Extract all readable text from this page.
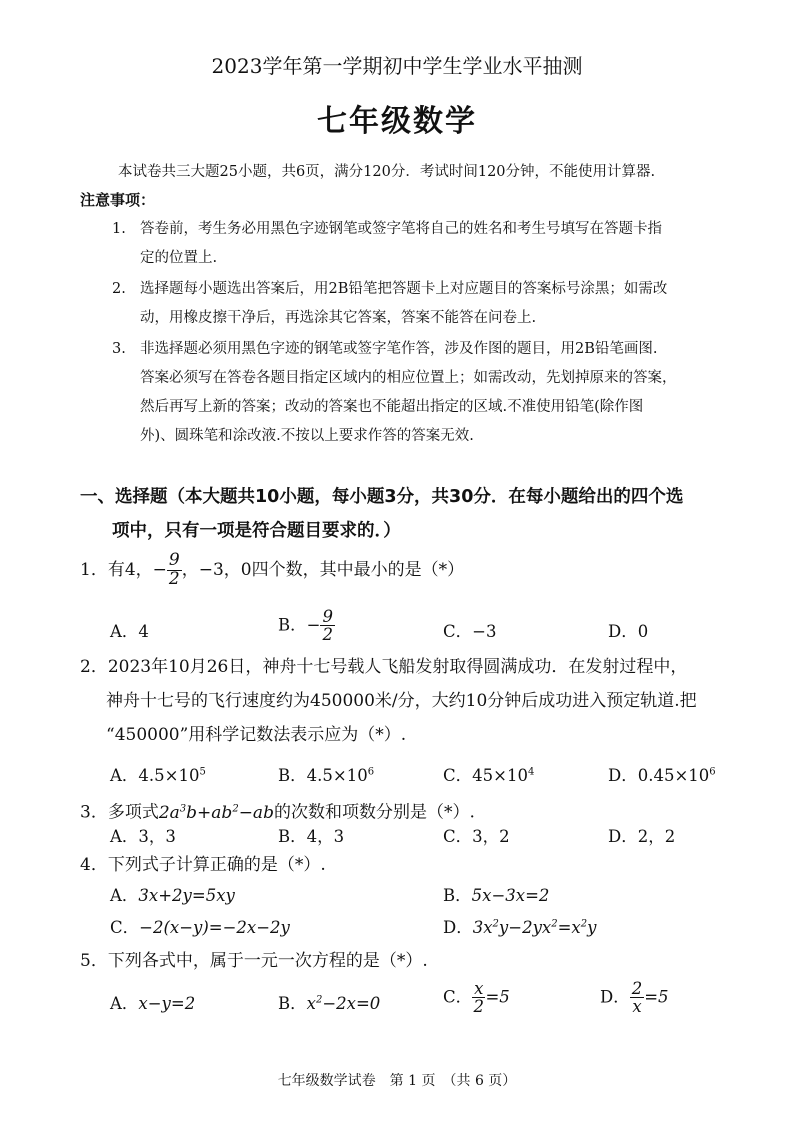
2023学年第一学期初中学生学业水平抽测
七年级数学
本试卷共三大题25小题，共6页，满分120分．考试时间120分钟，不能使用计算器.
注意事项：
1. 答卷前，考生务必用黑色字迹钢笔或签字笔将自己的姓名和考生号填写在答题卡指
定的位置上.
2. 选择题每小题选出答案后，用2B铅笔把答题卡上对应题目的答案标号涂黑；如需改
动，用橡皮擦干净后，再选涂其它答案，答案不能答在问卷上.
3. 非选择题必须用黑色字迹的钢笔或签字笔作答，涉及作图的题目，用2B铅笔画图.
答案必须写在答卷各题目指定区域内的相应位置上；如需改动，先划掉原来的答案，
然后再写上新的答案；改动的答案也不能超出指定的区域.不准使用铅笔(除作图
外)、圆珠笔和涂改液.不按以上要求作答的答案无效.
一、选择题（本大题共10小题，每小题3分，共30分．在每小题给出的四个选
项中，只有一项是符合题目要求的．）
1．有4，− $\frac{9}{2}$ ，−3，0四个数，其中最小的是（*）
A．4	B．− $\frac{9}{2}$	C．−3	D．0
2．2023年10月26日，神舟十七号载人飞船发射取得圆满成功．在发射过程中，
神舟十七号的飞行速度约为450000米/分，大约10分钟后成功进入预定轨道.把
“450000”用科学记数法表示应为（*）.
A．$4.5\times 10^5$	B．$4.5\times 10^6$	C．$45\times 10^4$	D．$0.45\times 10^6$
3．多项式$2a^3b+ab^2-ab$的次数和项数分别是（*）.
A．3，3	B．4，3	C．3，2	D．2，2
4．下列式子计算正确的是（*）.
A．3x+2y=5xy	B．5x−3x=2
C．−2(x−y)=−2x−2y	D．$3x^2y-2yx^2=x^2y$
5．下列各式中，属于一元一次方程的是（*）.
A．x−y=2	B．$x^2-2x=0$	C． $\frac{x}{2} =5$	D． $\frac{2}{x} =5$
七年级数学试卷　第 1 页　（共 6 页）
